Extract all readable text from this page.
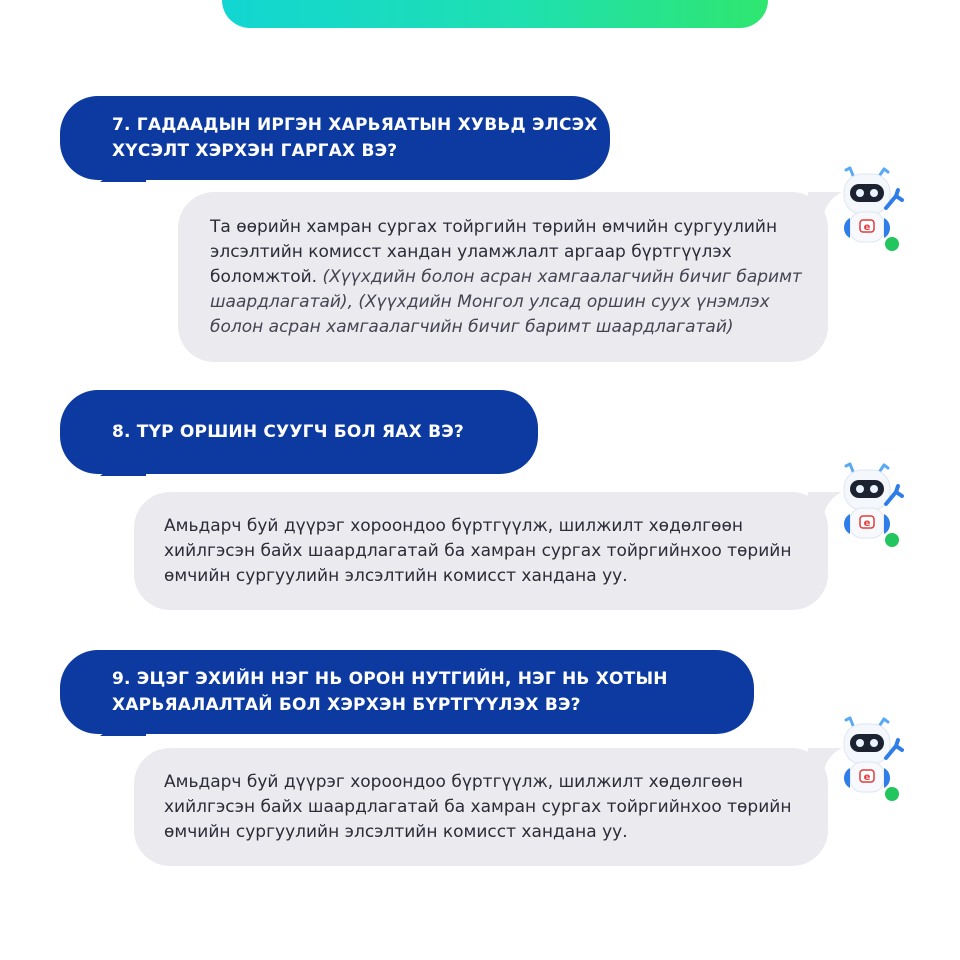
7. ГАДААДЫН ИРГЭН ХАРЬЯАТЫН ХУВЬД ЭЛСЭХ
ХҮСЭЛТ ХЭРХЭН ГАРГАХ ВЭ?
Та өөрийн хамран сургах тойргийн төрийн өмчийн сургуулийн элсэлтийн комисст хандан уламжлалт аргаар бүртгүүлэх боломжтой. (Хүүхдийн болон асран хамгаалагчийн бичиг баримт шаардлагатай), (Хүүхдийн Монгол улсад оршин суух үнэмлэх болон асран хамгаалагчийн бичиг баримт шаардлагатай)
e
8. ТҮР ОРШИН СУУГЧ БОЛ ЯАХ ВЭ?
Амьдарч буй дүүрэг хороондоо бүртгүүлж, шилжилт хөдөлгөөн хийлгэсэн байх шаардлагатай ба хамран сургах тойргийнхоо төрийн өмчийн сургуулийн элсэлтийн комисст хандана уу.
e
9. ЭЦЭГ ЭХИЙН НЭГ НЬ ОРОН НУТГИЙН, НЭГ НЬ ХОТЫН
ХАРЬЯАЛАЛТАЙ БОЛ ХЭРХЭН БҮРТГҮҮЛЭХ ВЭ?
Амьдарч буй дүүрэг хороондоо бүртгүүлж, шилжилт хөдөлгөөн хийлгэсэн байх шаардлагатай ба хамран сургах тойргийнхоо төрийн өмчийн сургуулийн элсэлтийн комисст хандана уу.
e
